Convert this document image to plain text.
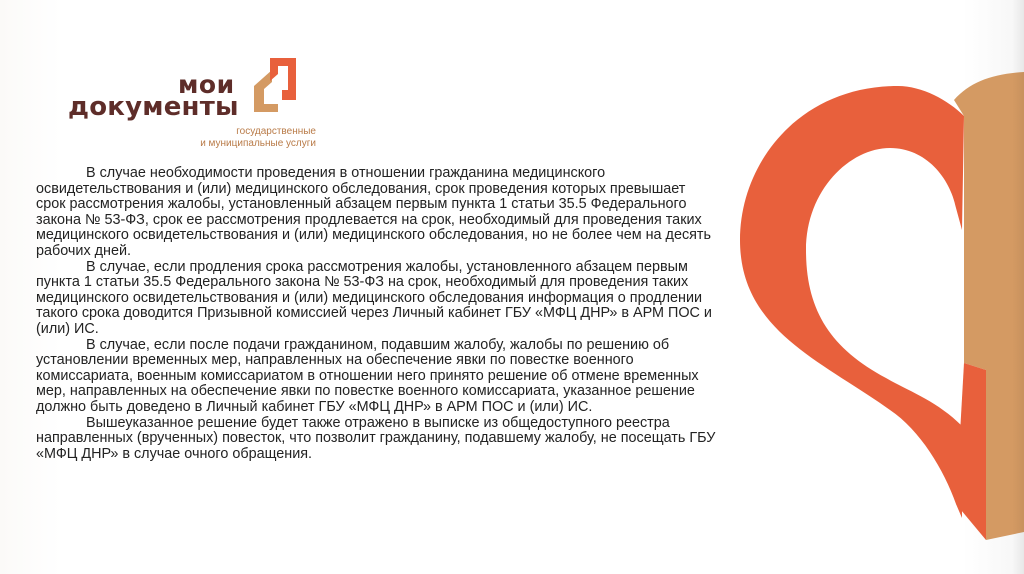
мои
документы
государственные
и муниципальные услуги

В случае необходимости проведения в отношении гражданина медицинского освидетельствования и (или) медицинского обследования, срок проведения которых превышает срок рассмотрения жалобы, установленный абзацем первым пункта 1 статьи 35.5 Федерального закона № 53-ФЗ, срок ее рассмотрения продлевается на срок, необходимый для проведения таких медицинского освидетельствования и (или) медицинского обследования, но не более чем на десять рабочих дней.

В случае, если продления срока рассмотрения жалобы, установленного абзацем первым пункта 1 статьи 35.5 Федерального закона № 53-ФЗ на срок, необходимый для проведения таких медицинского освидетельствования и (или) медицинского обследования информация о продлении такого срока доводится Призывной комиссией через Личный кабинет ГБУ «МФЦ ДНР» в АРМ ПОС и (или) ИС.

В случае, если после подачи гражданином, подавшим жалобу, жалобы по решению об установлении временных мер, направленных на обеспечение явки по повестке военного комиссариата, военным комиссариатом в отношении него принято решение об отмене временных мер, направленных на обеспечение явки по повестке военного комиссариата, указанное решение должно быть доведено в Личный кабинет ГБУ «МФЦ ДНР» в АРМ ПОС и (или) ИС.

Вышеуказанное решение будет также отражено в выписке из общедоступного реестра направленных (врученных) повесток, что позволит гражданину, подавшему жалобу, не посещать ГБУ «МФЦ ДНР» в случае очного обращения.
